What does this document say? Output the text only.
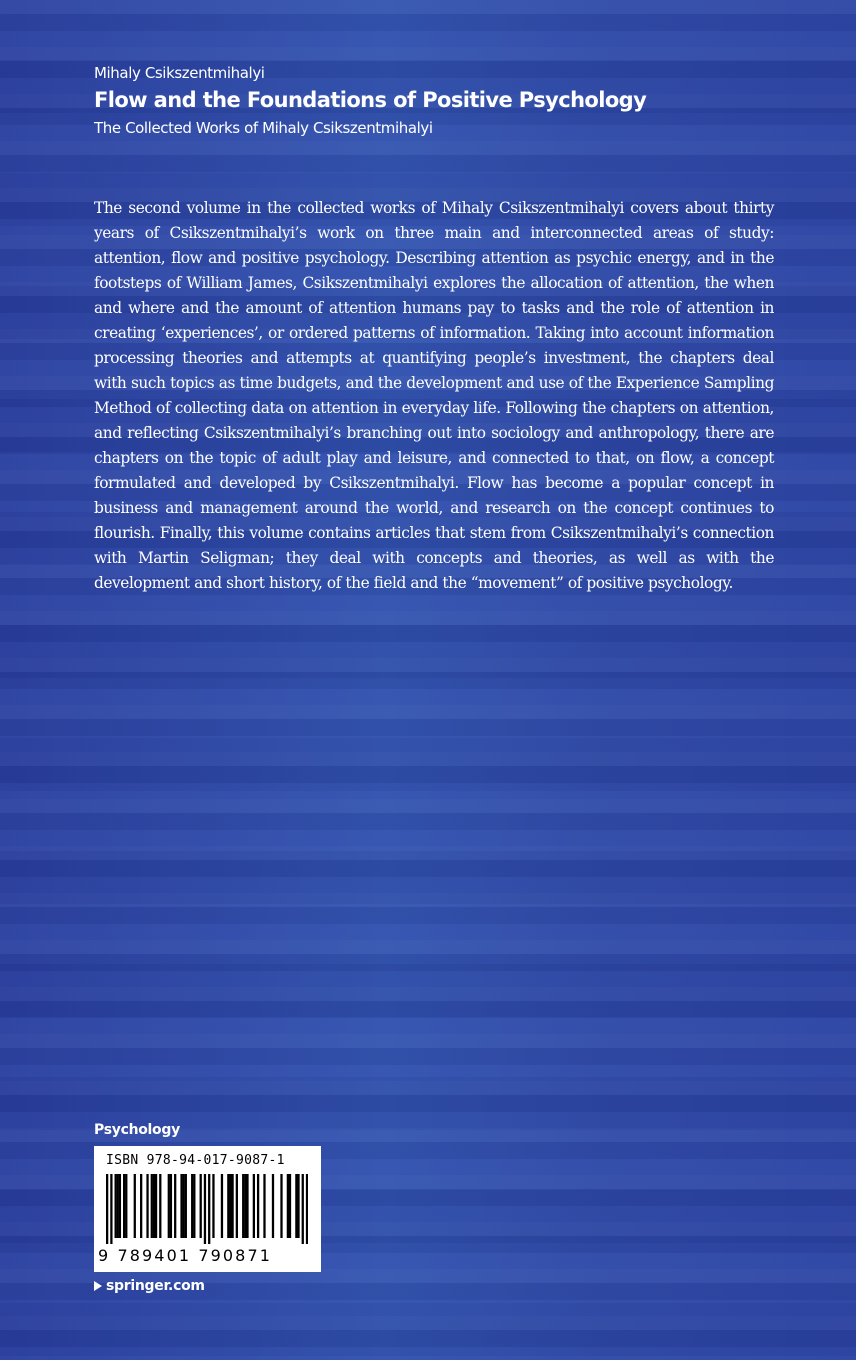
Mihaly Csikszentmihalyi
Flow and the Foundations of Positive Psychology
The Collected Works of Mihaly Csikszentmihalyi
The second volume in the collected works of Mihaly Csikszentmihalyi covers about thirty years of Csikszentmihalyi’s work on three main and interconnected areas of study: attention, flow and positive psychology. Describing attention as psychic energy, and in the footsteps of William James, Csikszentmihalyi explores the allocation of attention, the when and where and the amount of attention humans pay to tasks and the role of attention in creating ‘experiences’, or ordered patterns of information. Taking into account information processing theories and attempts at quantifying people’s investment, the chapters deal with such topics as time budgets, and the development and use of the Experience Sampling Method of collecting data on attention in everyday life. Following the chapters on attention, and reflecting Csikszentmihalyi’s branching out into sociology and anthropology, there are chapters on the topic of adult play and leisure, and connected to that, on flow, a concept formulated and developed by Csikszentmihalyi. Flow has become a popular concept in business and management around the world, and research on the concept continues to flourish. Finally, this volume contains articles that stem from Csikszentmihalyi’s connection with Martin Seligman; they deal with concepts and theories, as well as with the development and short history, of the field and the “movement” of positive psychology.
Psychology
ISBN 978-94-017-9087-1
9 789401 790871
springer.com
